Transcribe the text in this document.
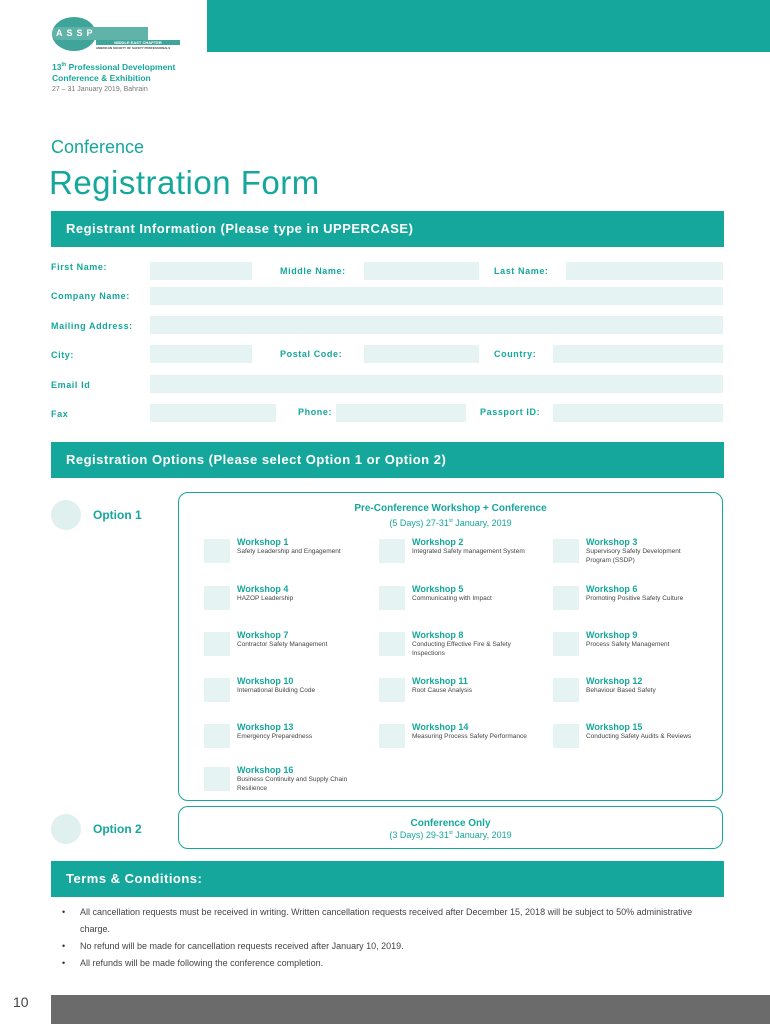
ASSP
MIDDLE EAST CHAPTER
AMERICAN SOCIETY OF SAFETY PROFESSIONALS
13th Professional Development
Conference & Exhibition
27 – 31 January 2019, Bahrain
Conference
Registration Form
Registrant Information (Please type in UPPERCASE)
First Name:	Middle Name:	Last Name:
Company Name:
Mailing Address:
City:	Postal Code:	Country:
Email Id
Fax	Phone:	Passport ID:
Registration Options (Please select Option 1 or Option 2)
Option 1	Pre-Conference Workshop + Conference
(5 Days) 27-31st January, 2019
Workshop 1
Safety Leadership and Engagement
Workshop 2
Integrated Safety management System
Workshop 3
Supervisory Safety Development Program (SSDP)
Workshop 4
HAZOP Leadership
Workshop 5
Communicating with Impact
Workshop 6
Promoting Positive Safety Culture
Workshop 7
Contractor Safety Management
Workshop 8
Conducting Effective Fire & Safety Inspections
Workshop 9
Process Safety Management
Workshop 10
International Building Code
Workshop 11
Root Cause Analysis
Workshop 12
Behaviour Based Safety
Workshop 13
Emergency Preparedness
Workshop 14
Measuring Process Safety Performance
Workshop 15
Conducting Safety Audits & Reviews
Workshop 16
Business Continuity and Supply Chain Resilience
Option 2	Conference Only
(3 Days) 29-31st January, 2019
Terms & Conditions:
• All cancellation requests must be received in writing. Written cancellation requests received after December 15, 2018 will be subject to 50% administrative charge.
• No refund will be made for cancellation requests received after January 10, 2019.
• All refunds will be made following the conference completion.
10
